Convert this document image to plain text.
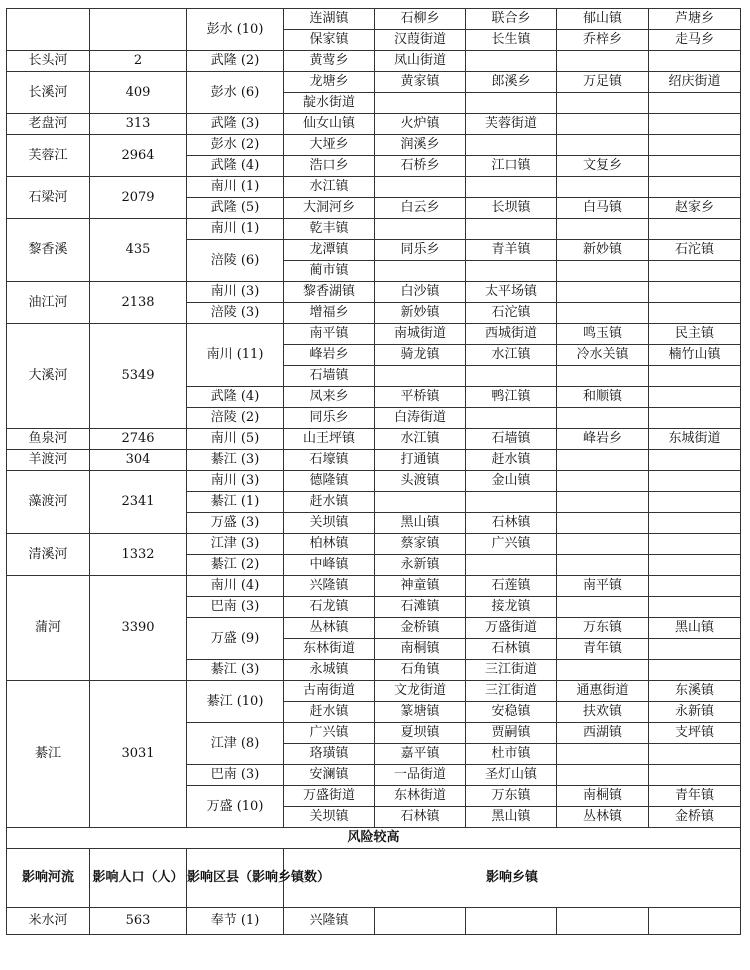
		彭水 (10)	连湖镇	石柳乡	联合乡	郁山镇	芦塘乡
			保家镇	汉葭街道	长生镇	乔梓乡	走马乡
长头河	2	武隆 (2)	黄莺乡	凤山街道			
长溪河	409	彭水 (6)	龙塘乡	黄家镇	郎溪乡	万足镇	绍庆街道
			靛水街道				
老盘河	313	武隆 (3)	仙女山镇	火炉镇	芙蓉街道		
芙蓉江	2964	彭水 (2)	大垭乡	润溪乡			
		武隆 (4)	浩口乡	石桥乡	江口镇	文复乡	
石梁河	2079	南川 (1)	水江镇				
		武隆 (5)	大洞河乡	白云乡	长坝镇	白马镇	赵家乡
黎香溪	435	南川 (1)	乾丰镇				
		涪陵 (6)	龙潭镇	同乐乡	青羊镇	新妙镇	石沱镇
			蔺市镇				
油江河	2138	南川 (3)	黎香湖镇	白沙镇	太平场镇		
		涪陵 (3)	增福乡	新妙镇	石沱镇		
大溪河	5349	南川 (11)	南平镇	南城街道	西城街道	鸣玉镇	民主镇
			峰岩乡	骑龙镇	水江镇	冷水关镇	楠竹山镇
			石墙镇				
		武隆 (4)	凤来乡	平桥镇	鸭江镇	和顺镇	
		涪陵 (2)	同乐乡	白涛街道			
鱼泉河	2746	南川 (5)	山王坪镇	水江镇	石墙镇	峰岩乡	东城街道
羊渡河	304	綦江 (3)	石壕镇	打通镇	赶水镇		
藻渡河	2341	南川 (3)	德隆镇	头渡镇	金山镇		
		綦江 (1)	赶水镇				
		万盛 (3)	关坝镇	黑山镇	石林镇		
清溪河	1332	江津 (3)	柏林镇	蔡家镇	广兴镇		
		綦江 (2)	中峰镇	永新镇			
蒲河	3390	南川 (4)	兴隆镇	神童镇	石莲镇	南平镇	
		巴南 (3)	石龙镇	石滩镇	接龙镇		
		万盛 (9)	丛林镇	金桥镇	万盛街道	万东镇	黑山镇
			东林街道	南桐镇	石林镇	青年镇	
		綦江 (3)	永城镇	石角镇	三江街道		
綦江	3031	綦江 (10)	古南街道	文龙街道	三江街道	通惠街道	东溪镇
			赶水镇	篆塘镇	安稳镇	扶欢镇	永新镇
		江津 (8)	广兴镇	夏坝镇	贾嗣镇	西湖镇	支坪镇
			珞璜镇	嘉平镇	杜市镇		
		巴南 (3)	安澜镇	一品街道	圣灯山镇		
		万盛 (10)	万盛街道	东林街道	万东镇	南桐镇	青年镇
			关坝镇	石林镇	黑山镇	丛林镇	金桥镇
风险较高							
影响河流	影响人口（人）	影响区县（影响乡镇数）	影响乡镇				
米水河	563	奉节 (1)	兴隆镇				
